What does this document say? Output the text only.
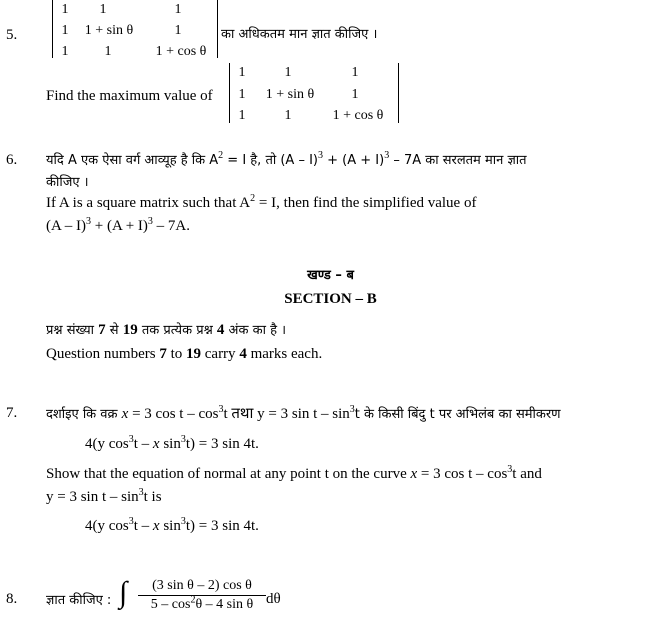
5.
1	1	1
1	1 + sin θ	1
1	1	1 + cos θ
का अधिकतम मान ज्ञात कीजिए ।
Find the maximum value of
1	1	1
1	1 + sin θ	1
1	1	1 + cos θ
6. यदि A एक ऐसा वर्ग आव्यूह है कि $A^2 = I$ है, तो $(A - I)^3 + (A + I)^3 - 7A$ का सरलतम मान ज्ञात
कीजिए ।
If A is a square matrix such that $A^2 = I$, then find the simplified value of
$(A - I)^3 + (A + I)^3 - 7A$.
खण्ड – ब
SECTION – B
प्रश्न संख्या 7 से 19 तक प्रत्येक प्रश्न 4 अंक का है ।
Question numbers 7 to 19 carry 4 marks each.
7. दर्शाइए कि वक्र x = 3 cos t – $\cos^3t$ तथा y = 3 sin t – $\sin^3t$ के किसी बिंदु t पर अभिलंब का समीकरण
4(y $\cos^3t$ – x $\sin^3t) = 3$ sin 4t.
Show that the equation of normal at any point t on the curve x = 3 cos t – $\cos^3t$ and
y = 3 sin t – $\sin^3t$ is
4(y $\cos^3t$ – x $\sin^3t) = 3$ sin 4t.
8. ज्ञात कीजिए : ∫	(3 sin θ – 2) cos θ
$5 - \cos^2\theta - 4$ sin θ dθ
